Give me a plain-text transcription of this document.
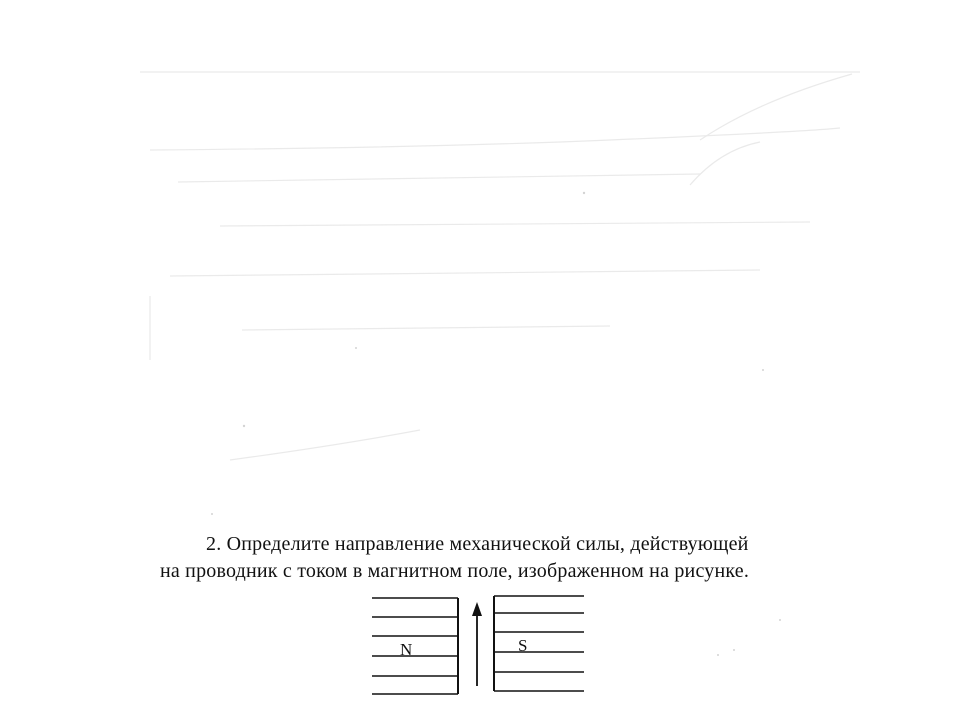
2. Определите направление механической силы, действующей
на проводник с током в магнитном поле, изображенном на рисунке.
N	S
